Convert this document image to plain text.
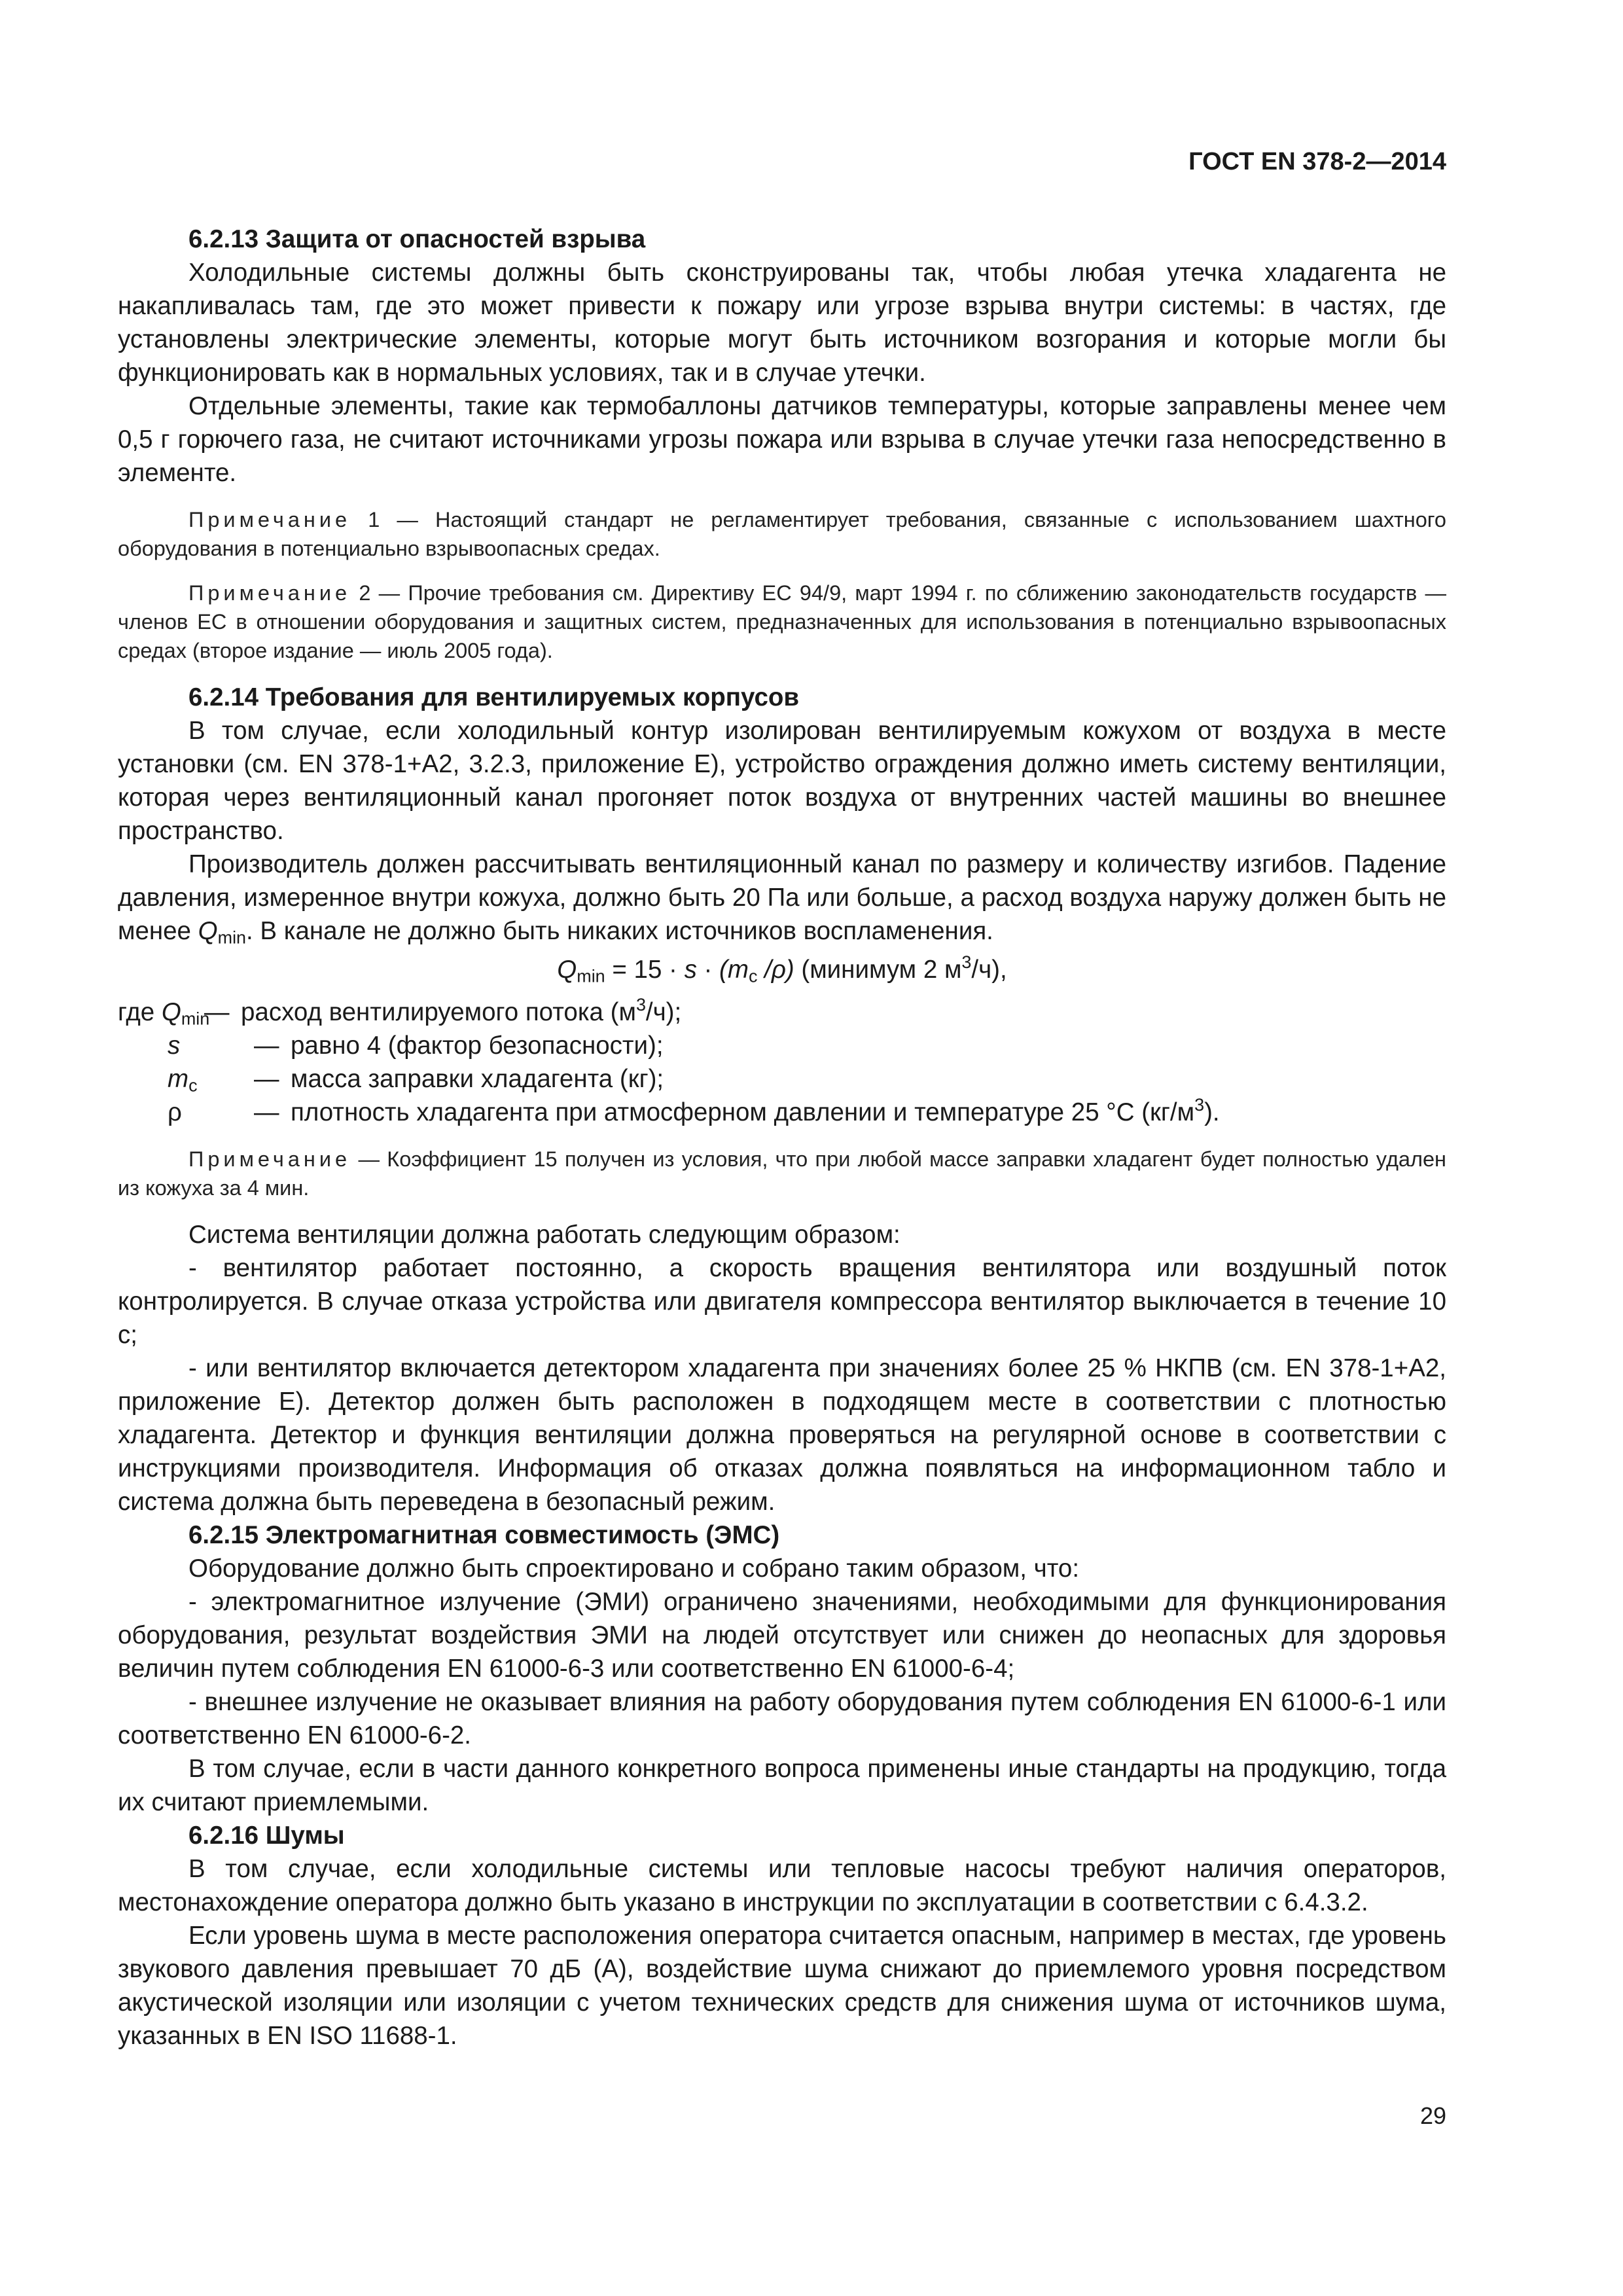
ГОСТ EN 378-2—2014

6.2.13 Защита от опасностей взрыва

Холодильные системы должны быть сконструированы так, чтобы любая утечка хладагента не накапливалась там, где это может привести к пожару или угрозе взрыва внутри системы: в частях, где установлены электрические элементы, которые могут быть источником возгорания и которые могли бы функционировать как в нормальных условиях, так и в случае утечки.

Отдельные элементы, такие как термобаллоны датчиков температуры, которые заправлены менее чем 0,5 г горючего газа, не считают источниками угрозы пожара или взрыва в случае утечки газа непосредственно в элементе.

Примечание 1 — Настоящий стандарт не регламентирует требования, связанные с использованием шахтного оборудования в потенциально взрывоопасных средах.

Примечание 2 — Прочие требования см. Директиву ЕС 94/9, март 1994 г. по сближению законодательств государств — членов ЕС в отношении оборудования и защитных систем, предназначенных для использования в потенциально взрывоопасных средах (второе издание — июль 2005 года).

6.2.14 Требования для вентилируемых корпусов

В том случае, если холодильный контур изолирован вентилируемым кожухом от воздуха в месте установки (см. EN 378-1+A2, 3.2.3, приложение Е), устройство ограждения должно иметь систему вентиляции, которая через вентиляционный канал прогоняет поток воздуха от внутренних частей машины во внешнее пространство.

Производитель должен рассчитывать вентиляционный канал по размеру и количеству изгибов. Падение давления, измеренное внутри кожуха, должно быть 20 Па или больше, а расход воздуха наружу должен быть не менее $Q_{min}$. В канале не должно быть никаких источников воспламенения.

$Q_{min} = 15 \cdot s \cdot (m_c$ /ρ) (минимум 2 $м^3/ч$),

где $Q_{min}$
— расход вентилируемого потока $(м^3/ч)$;
s	— равно 4 (фактор безопасности);
$m_с$	— масса заправки хладагента (кг);
ρ	— плотность хладагента при атмосферном давлении и температуре 25 °С $(кг/м^3)$.

Примечание — Коэффициент 15 получен из условия, что при любой массе заправки хладагент будет полностью удален из кожуха за 4 мин.

Система вентиляции должна работать следующим образом:

- вентилятор работает постоянно, а скорость вращения вентилятора или воздушный поток контролируется. В случае отказа устройства или двигателя компрессора вентилятор выключается в течение 10 с;

- или вентилятор включается детектором хладагента при значениях более 25 % НКПВ (см. EN 378-1+A2, приложение Е). Детектор должен быть расположен в подходящем месте в соответствии с плотностью хладагента. Детектор и функция вентиляции должна проверяться на регулярной основе в соответствии с инструкциями производителя. Информация об отказах должна появляться на информационном табло и система должна быть переведена в безопасный режим.

6.2.15 Электромагнитная совместимость (ЭМС)

Оборудование должно быть спроектировано и собрано таким образом, что:

- электромагнитное излучение (ЭМИ) ограничено значениями, необходимыми для функционирования оборудования, результат воздействия ЭМИ на людей отсутствует или снижен до неопасных для здоровья величин путем соблюдения EN 61000-6-3 или соответственно EN 61000-6-4;

- внешнее излучение не оказывает влияния на работу оборудования путем соблюдения EN 61000-6-1 или соответственно EN 61000-6-2.

В том случае, если в части данного конкретного вопроса применены иные стандарты на продукцию, тогда их считают приемлемыми.

6.2.16 Шумы

В том случае, если холодильные системы или тепловые насосы требуют наличия операторов, местонахождение оператора должно быть указано в инструкции по эксплуатации в соответствии с 6.4.3.2.

Если уровень шума в месте расположения оператора считается опасным, например в местах, где уровень звукового давления превышает 70 дБ (А), воздействие шума снижают до приемлемого уровня посредством акустической изоляции или изоляции с учетом технических средств для снижения шума от источников шума, указанных в EN ISO 11688-1.

29
